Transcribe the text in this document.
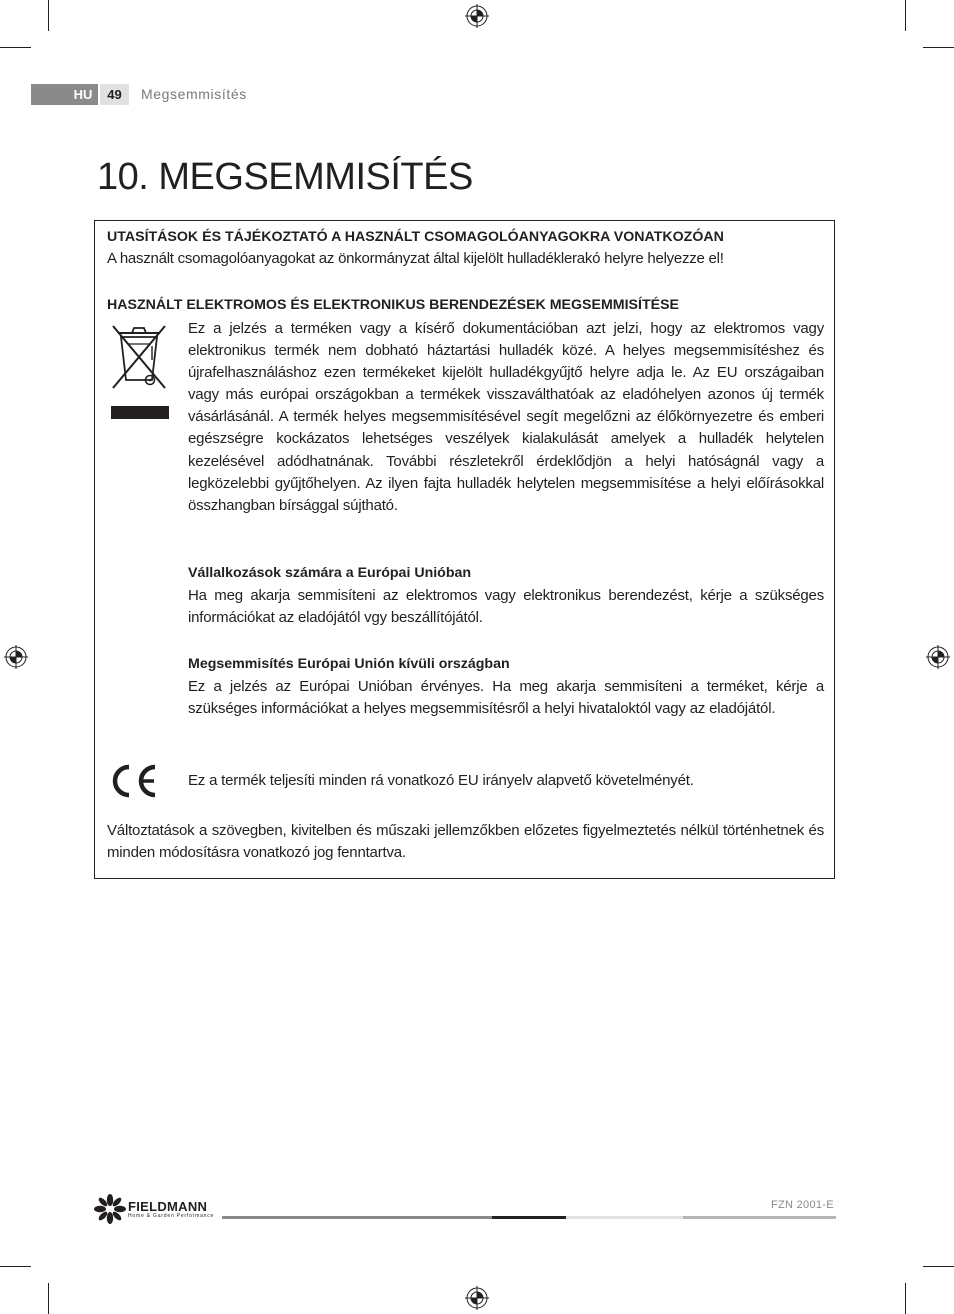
HU	49	Megsemmisítés
10. MEGSEMMISÍTÉS
UTASÍTÁSOK ÉS TÁJÉKOZTATÓ A HASZNÁLT CSOMAGOLÓANYAGOKRA VONATKOZÓAN
A használt csomagolóanyagokat az önkormányzat által kijelölt hulladéklerakó helyre helyezze el!
HASZNÁLT ELEKTROMOS ÉS ELEKTRONIKUS BERENDEZÉSEK MEGSEMMISÍTÉSE
Ez a jelzés a terméken vagy a kísérő dokumentációban azt jelzi, hogy az elektromos vagy elektronikus termék nem dobható háztartási hulladék közé. A helyes megsemmisítéshez és újrafelhasználáshoz ezen termékeket kijelölt hulladékgyűjtő helyre adja le. Az EU országaiban vagy más európai országokban a termékek visszaválthatóak az eladóhelyen azonos új termék vásárlásánál. A termék helyes megsemmisítésével segít megelőzni az élőkörnyezetre és emberi egészségre kockázatos lehetséges veszélyek kialakulását amelyek a hulladék helytelen kezelésével adódhatnának. További részletekről érdeklődjön a helyi hatóságnál vagy a legközelebbi gyűjtőhelyen. Az ilyen fajta hulladék helytelen megsemmisítése a helyi előírásokkal összhangban bírsággal sújtható.
Vállalkozások számára a Európai Unióban
Ha meg akarja semmisíteni az elektromos vagy elektronikus berendezést, kérje a szükséges információkat az eladójától vgy beszállítójától.
Megsemmisítés Európai Unión kívüli országban
Ez a jelzés az Európai Unióban érvényes. Ha meg akarja semmisíteni a terméket, kérje a szükséges információkat a helyes megsemmisítésről a helyi hivataloktól vagy az eladójától.
Ez a termék teljesíti minden rá vonatkozó EU irányelv alapvető követelményét.
Változtatások a szövegben, kivitelben és műszaki jellemzőkben előzetes figyelmeztetés nélkül történhetnek és minden módosításra vonatkozó jog fenntartva.
FIELDMANN
Home & Garden Performance
FZN 2001-E
